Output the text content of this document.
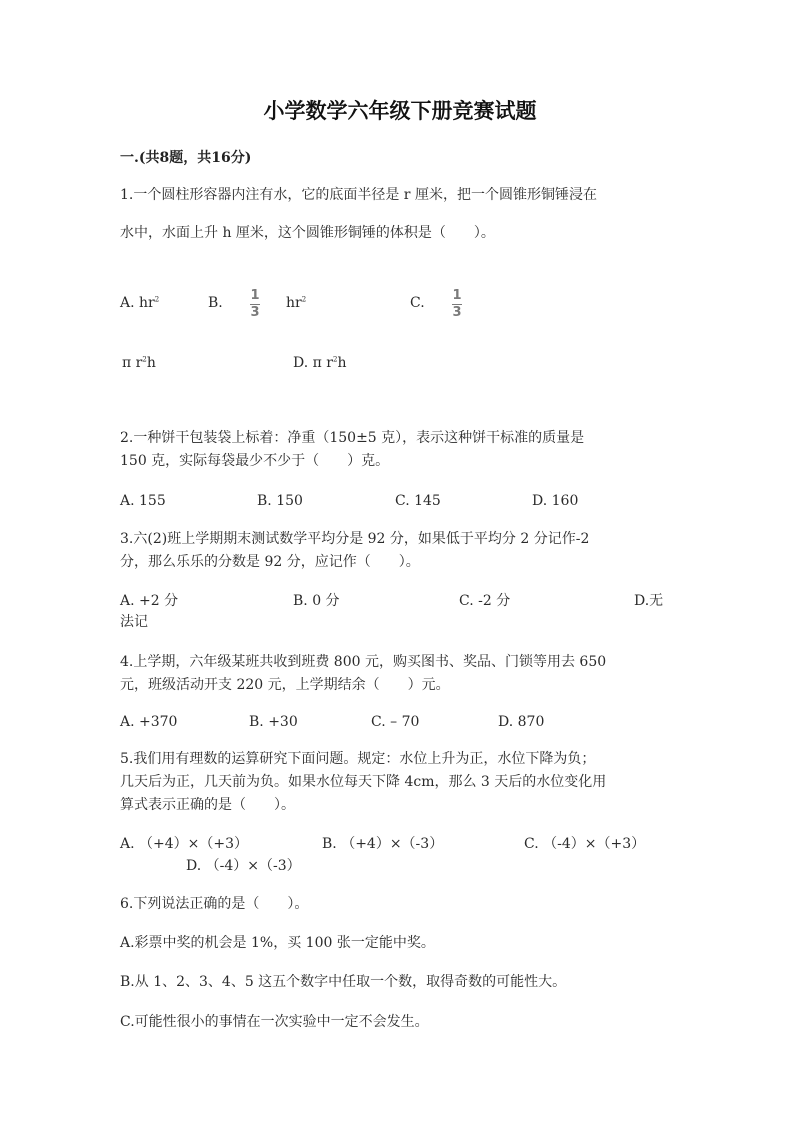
小学数学六年级下册竞赛试题
一.(共8题，共16分)
1.一个圆柱形容器内注有水，它的底面半径是 r 厘米，把一个圆锥形铜锤浸在
水中，水面上升 h 厘米，这个圆锥形铜锤的体积是（　　）。
A. $hr^2$	B. 1
3
$hr^2$	C. 1
3
π $r^2h$	D. π $r^2h$
2.一种饼干包装袋上标着：净重（150±5 克），表示这种饼干标准的质量是
150 克，实际每袋最少不少于（　　）克。
A. 155	B. 150	C. 145	D. 160
3.六(2)班上学期期末测试数学平均分是 92 分，如果低于平均分 2 分记作-2
分，那么乐乐的分数是 92 分，应记作（　　）。
A. +2 分	B. 0 分	C. -2 分	D.无
法记
4.上学期，六年级某班共收到班费 800 元，购买图书、奖品、门锁等用去 650
元，班级活动开支 220 元，上学期结余（　　）元。
A. +370	B. +30	C. – 70	D. 870
5.我们用有理数的运算研究下面问题。规定：水位上升为正，水位下降为负；
几天后为正，几天前为负。如果水位每天下降 4cm，那么 3 天后的水位变化用
算式表示正确的是（　　）。
A. （+4）×（+3）	B. （+4）×（-3）	C. （-4）×（+3）
D. （-4）×（-3）
6.下列说法正确的是（　　）。
A.彩票中奖的机会是 1%，买 100 张一定能中奖。
B.从 1、2、3、4、5 这五个数字中任取一个数，取得奇数的可能性大。
C.可能性很小的事情在一次实验中一定不会发生。
